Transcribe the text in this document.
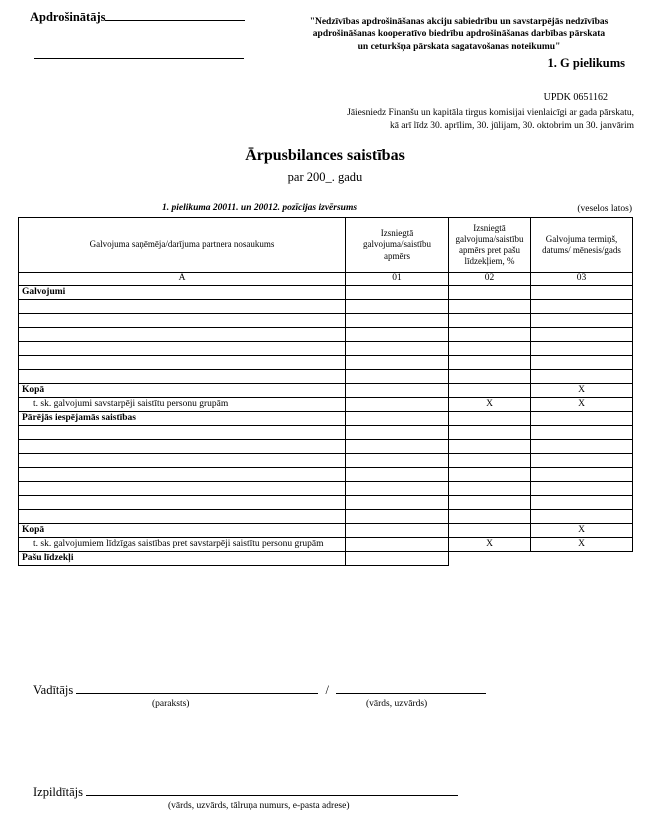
Apdrošinātājs	"Nedzīvības apdrošināšanas akciju sabiedrību un savstarpējās nedzīvības
apdrošināšanas kooperatīvo biedrību apdrošināšanas darbības pārskata
un ceturkšņa pārskata sagatavošanas noteikumu"
1. G pielikums
UPDK 0651162
Jāiesniedz Finanšu un kapitāla tirgus komisijai vienlaicīgi ar gada pārskatu,
kā arī līdz 30. aprīlim, 30. jūlijam, 30. oktobrim un 30. janvārim
Ārpusbilances saistības
par 200_. gadu
1. pielikuma 20011. un 20012. pozīcijas izvērsums	(veselos latos)
Galvojuma saņēmēja/darījuma partnera nosaukums	Izsniegtā galvojuma/saistību apmērs	Izsniegtā galvojuma/saistību apmērs pret pašu līdzekļiem, %	Galvojuma termiņš, datums/ mēnesis/gads
A	01	02	03
Galvojumi			

Kopā			X
t. sk. galvojumi savstarpēji saistītu personu grupām		X	X
Pārējās iespējamās saistības			

Kopā			X
t. sk. galvojumiem līdzīgas saistības pret savstarpēji saistītu personu grupām		X	X
Pašu līdzekļi			
Vadītājs	/
(paraksts)	(vārds, uzvārds)
Izpildītājs
(vārds, uzvārds, tālruņa numurs, e-pasta adrese)
